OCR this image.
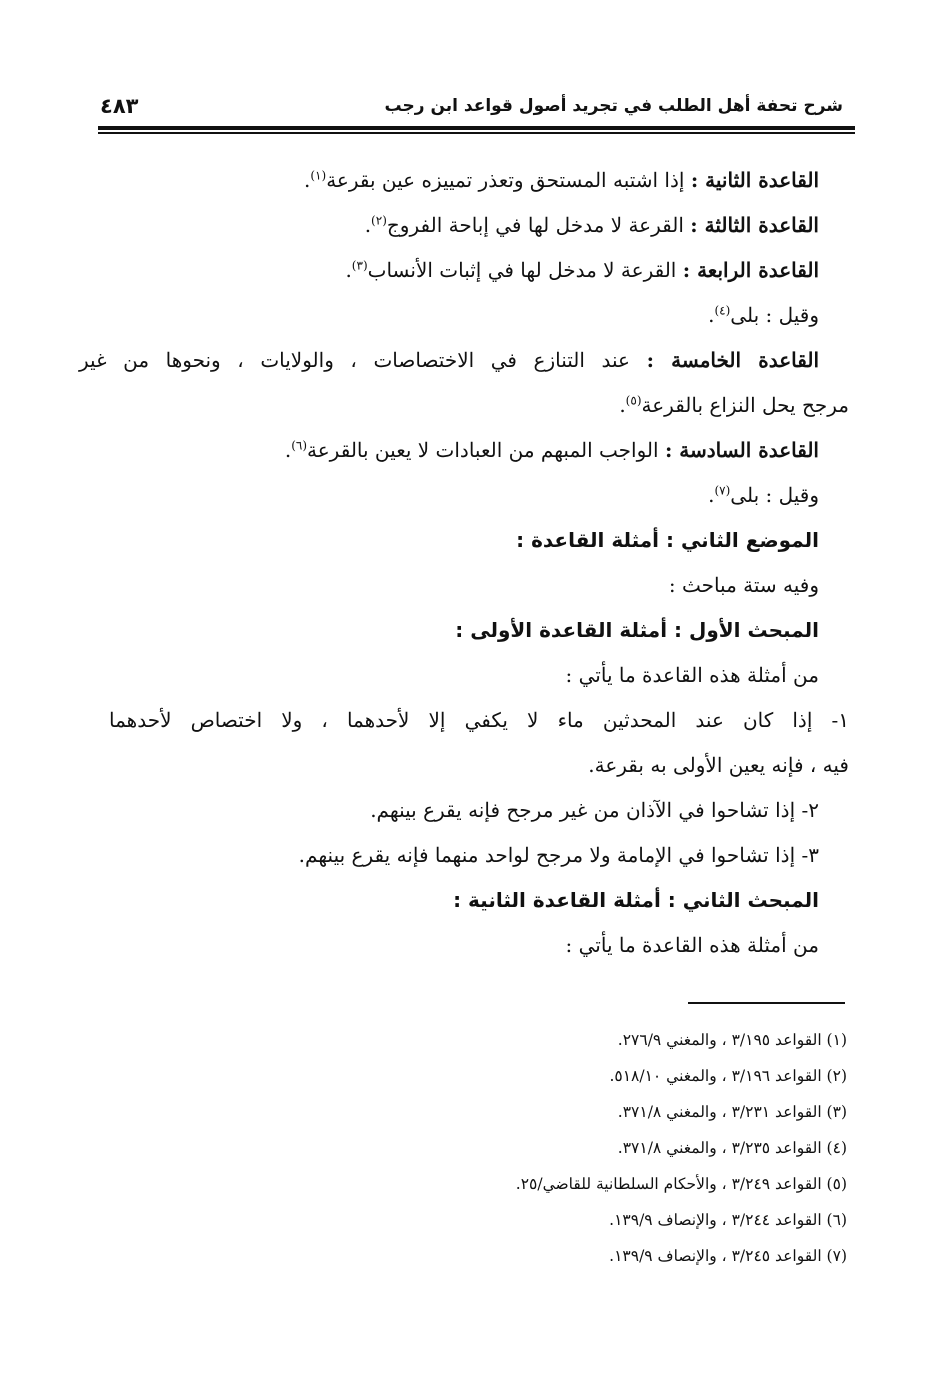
شرح تحفة أهل الطلب في تجريد أصول قواعد ابن رجب
٤٨٣
القاعدة الثانية : إذا اشتبه المستحق وتعذر تمييزه عين بقرعة$^{(١)}$.
القاعدة الثالثة : القرعة لا مدخل لها في إباحة الفروج$^{(٢)}$.
القاعدة الرابعة : القرعة لا مدخل لها في إثبات الأنساب$^{(٣)}$.
وقيل : بلى$^{(٤)}$.
القاعدة الخامسة : عند التنازع في الاختصاصات ، والولايات ، ونحوها من غير
مرجح يحل النزاع بالقرعة$^{(٥)}$.
القاعدة السادسة : الواجب المبهم من العبادات لا يعين بالقرعة$^{(٦)}$.
وقيل : بلى$^{(٧)}$.
الموضع الثاني : أمثلة القاعدة :
وفيه ستة مباحث :
المبحث الأول : أمثلة القاعدة الأولى :
من أمثلة هذه القاعدة ما يأتي :
١- إذا كان عند المحدثين ماء لا يكفي إلا لأحدهما ، ولا اختصاص لأحدهما
فيه ، فإنه يعين الأولى به بقرعة.
٢- إذا تشاحوا في الآذان من غير مرجح فإنه يقرع بينهم.
٣- إذا تشاحوا في الإمامة ولا مرجح لواحد منهما فإنه يقرع بينهم.
المبحث الثاني : أمثلة القاعدة الثانية :
من أمثلة هذه القاعدة ما يأتي :
(١) القواعد ٣/١٩٥ ، والمغني ٢٧٦/٩.
(٢) القواعد ٣/١٩٦ ، والمغني ٥١٨/١٠.
(٣) القواعد ٣/٢٣١ ، والمغني ٣٧١/٨.
(٤) القواعد ٣/٢٣٥ ، والمغني ٣٧١/٨.
(٥) القواعد ٣/٢٤٩ ، والأحكام السلطانية للقاضي/٢٥.
(٦) القواعد ٣/٢٤٤ ، والإنصاف ١٣٩/٩.
(٧) القواعد ٣/٢٤٥ ، والإنصاف ١٣٩/٩.
